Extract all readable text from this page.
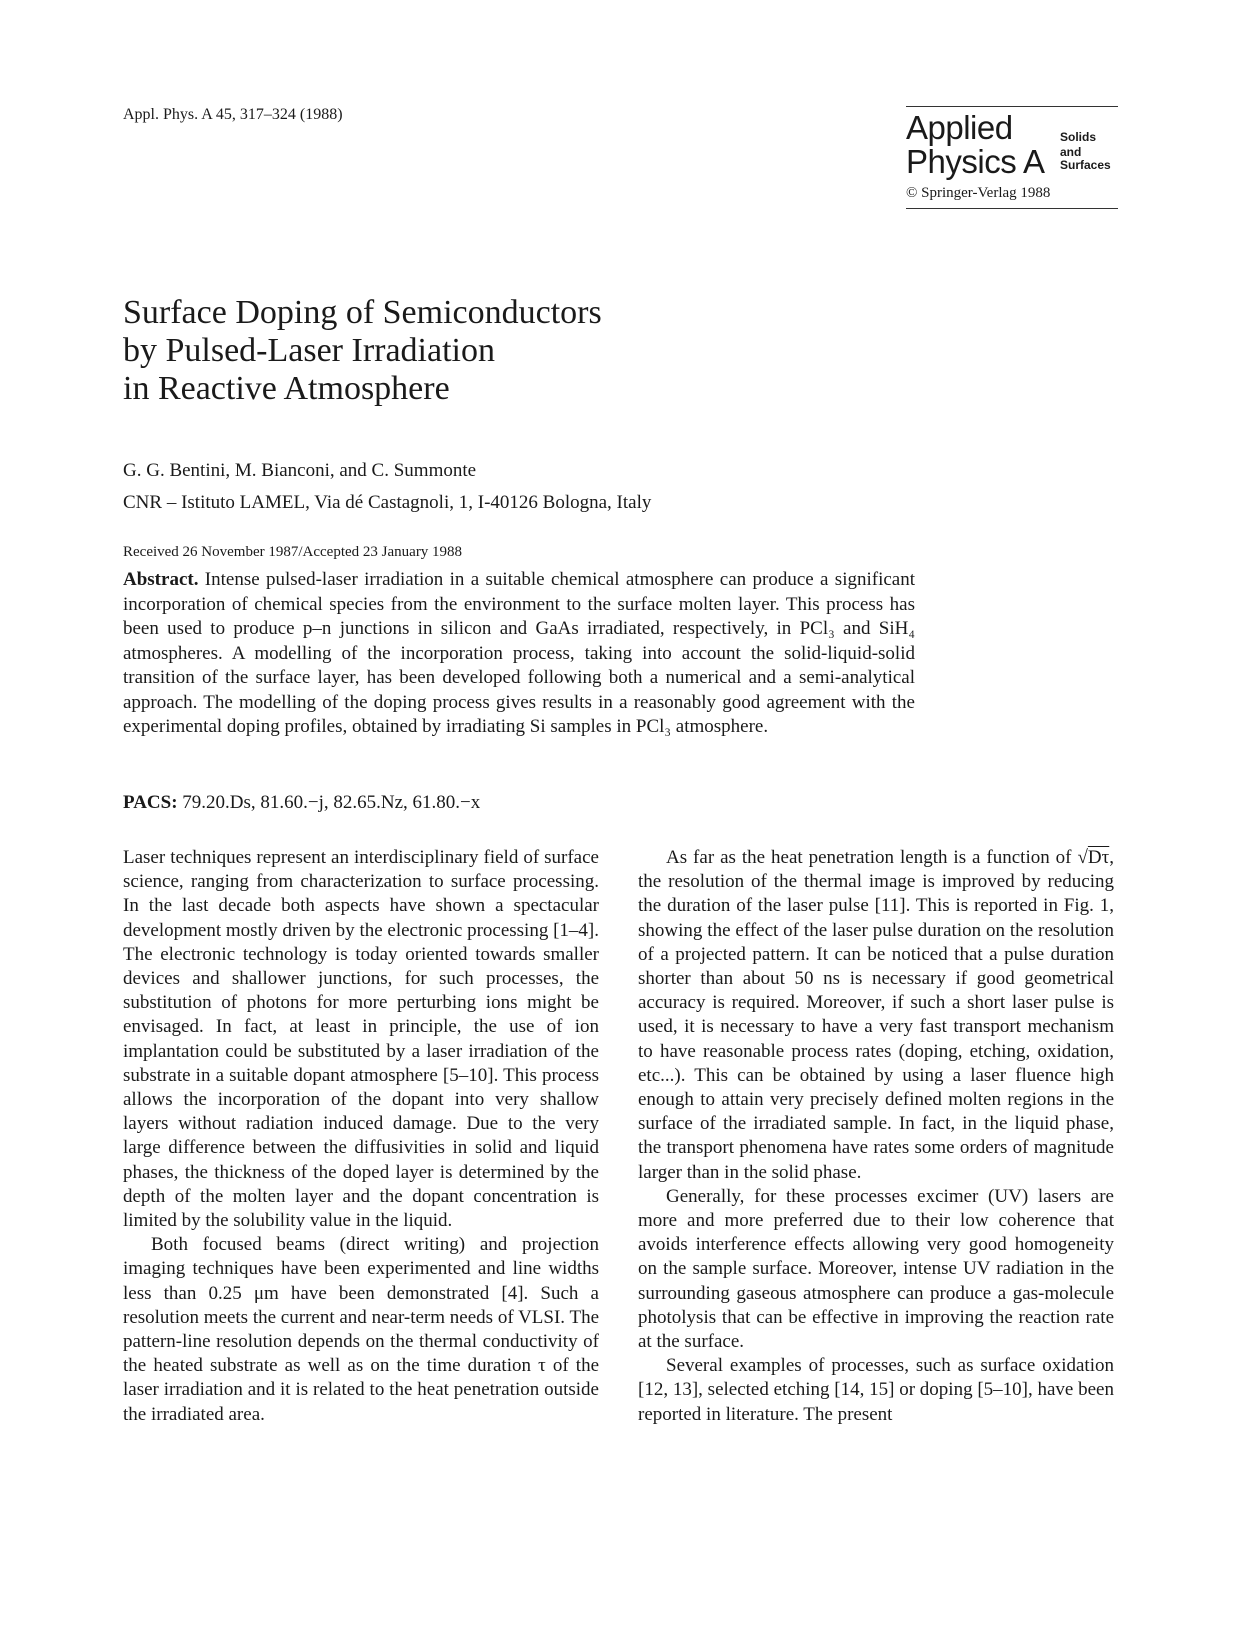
Appl. Phys. A 45, 317–324 (1988)	Applied
Physics A
Solids
and
Surfaces
© Springer-Verlag 1988
Surface Doping of Semiconductors
by Pulsed-Laser Irradiation
in Reactive Atmosphere
G. G. Bentini, M. Bianconi, and C. Summonte
CNR – Istituto LAMEL, Via dé Castagnoli, 1, I-40126 Bologna, Italy
Received 26 November 1987/Accepted 23 January 1988
Abstract. Intense pulsed-laser irradiation in a suitable chemical atmosphere can produce a significant incorporation of chemical species from the environment to the surface molten layer. This process has been used to produce p–n junctions in silicon and GaAs irradiated, respectively, in PCl₃ and SiH₄ atmospheres. A modelling of the incorporation process, taking into account the solid-liquid-solid transition of the surface layer, has been developed following both a numerical and a semi-analytical approach. The modelling of the doping process gives results in a reasonably good agreement with the experimental doping profiles, obtained by irradiating Si samples in PCl₃ atmosphere.
PACS: 79.20.Ds, 81.60.−j, 82.65.Nz, 61.80.−x

Laser techniques represent an interdisciplinary field of surface science, ranging from characterization to surface processing. In the last decade both aspects have shown a spectacular development mostly driven by the electronic processing [1–4]. The electronic technology is today oriented towards smaller devices and shallower junctions, for such processes, the substitution of photons for more perturbing ions might be envisaged. In fact, at least in principle, the use of ion implantation could be substituted by a laser irradiation of the substrate in a suitable dopant atmosphere [5–10]. This process allows the incorporation of the dopant into very shallow layers without radiation induced damage. Due to the very large difference between the diffusivities in solid and liquid phases, the thickness of the doped layer is determined by the depth of the molten layer and the dopant concentration is limited by the solubility value in the liquid.

Both focused beams (direct writing) and projection imaging techniques have been experimented and line widths less than 0.25 μm have been demonstrated [4]. Such a resolution meets the current and near-term needs of VLSI. The pattern-line resolution depends on the thermal conductivity of the heated substrate as well as on the time duration τ of the laser irradiation and it is related to the heat penetration outside the irradiated area.

As far as the heat penetration length is a function of √Dτ, the resolution of the thermal image is improved by reducing the duration of the laser pulse [11]. This is reported in Fig. 1, showing the effect of the laser pulse duration on the resolution of a projected pattern. It can be noticed that a pulse duration shorter than about 50 ns is necessary if good geometrical accuracy is required. Moreover, if such a short laser pulse is used, it is necessary to have a very fast transport mechanism to have reasonable process rates (doping, etching, oxidation, etc...). This can be obtained by using a laser fluence high enough to attain very precisely defined molten regions in the surface of the irradiated sample. In fact, in the liquid phase, the transport phenomena have rates some orders of magnitude larger than in the solid phase.

Generally, for these processes excimer (UV) lasers are more and more preferred due to their low coherence that avoids interference effects allowing very good homogeneity on the sample surface. Moreover, intense UV radiation in the surrounding gaseous atmosphere can produce a gas-molecule photolysis that can be effective in improving the reaction rate at the surface.

Several examples of processes, such as surface oxidation [12, 13], selected etching [14, 15] or doping [5–10], have been reported in literature. The present
